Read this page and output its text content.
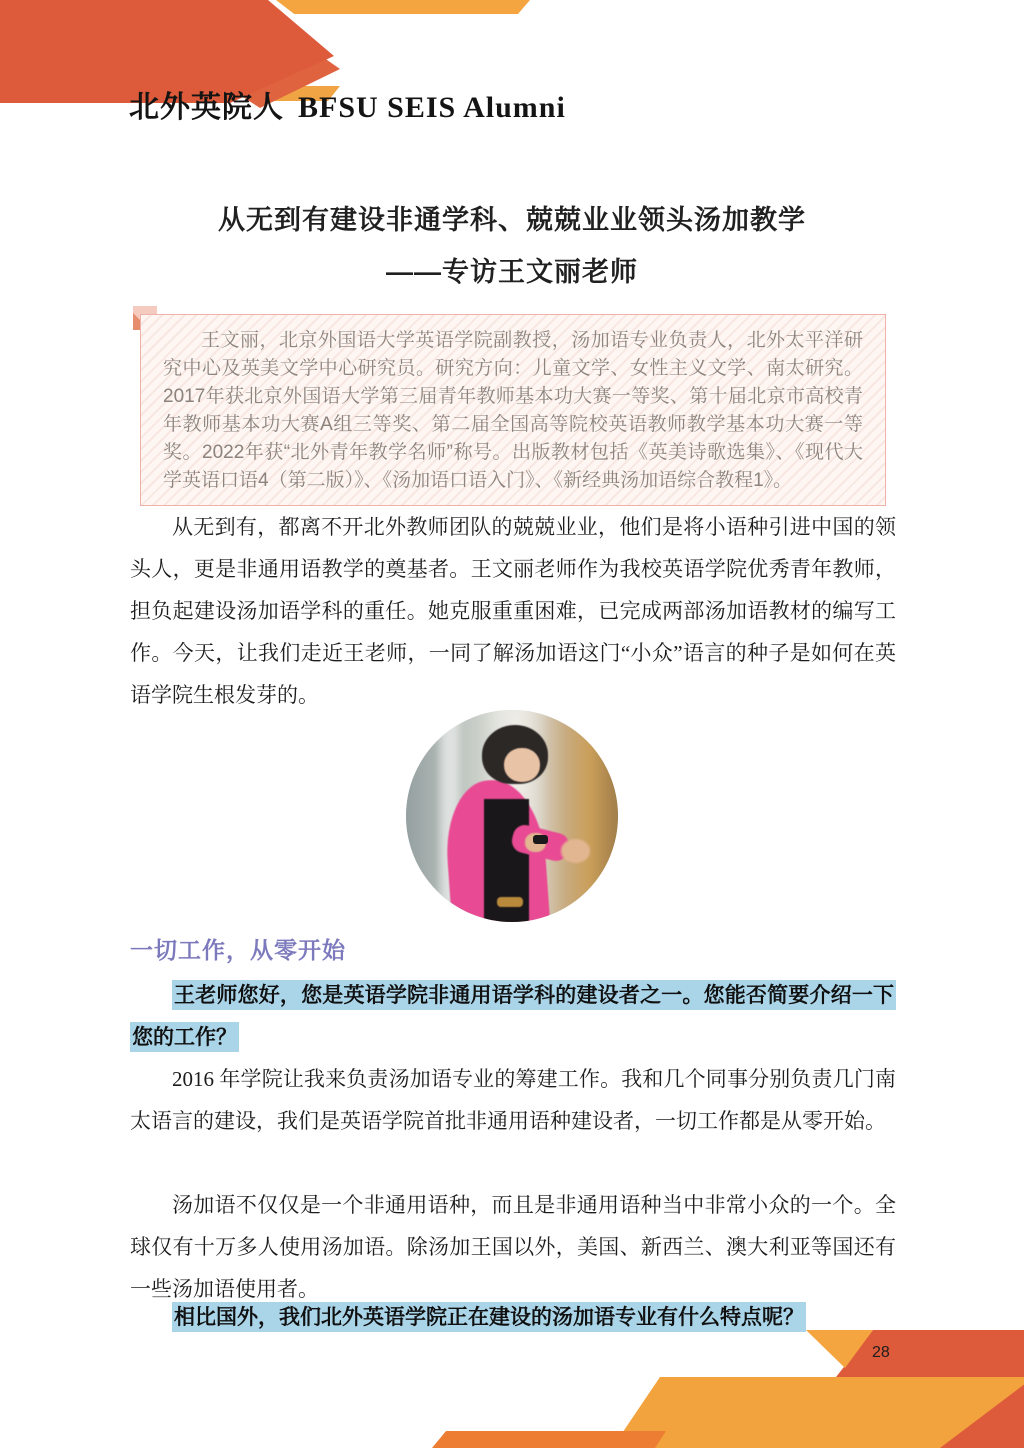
北外英院人 BFSU SEIS Alumni
从无到有建设非通学科、兢兢业业领头汤加教学
——专访王文丽老师

王文丽，北京外国语大学英语学院副教授，汤加语专业负责人，北外太平洋研究中心及英美文学中心研究员。研究方向：儿童文学、女性主义文学、南太研究。2017年获北京外国语大学第三届青年教师基本功大赛一等奖、第十届北京市高校青年教师基本功大赛A组三等奖、第二届全国高等院校英语教师教学基本功大赛一等奖。2022年获“北外青年教学名师”称号。出版教材包括《英美诗歌选集》、《现代大学英语口语4（第二版）》、《汤加语口语入门》、《新经典汤加语综合教程1》。

从无到有，都离不开北外教师团队的兢兢业业，他们是将小语种引进中国的领头人，更是非通用语教学的奠基者。王文丽老师作为我校英语学院优秀青年教师，担负起建设汤加语学科的重任。她克服重重困难，已完成两部汤加语教材的编写工作。今天，让我们走近王老师，一同了解汤加语这门“小众”语言的种子是如何在英语学院生根发芽的。

一切工作，从零开始

王老师您好，您是英语学院非通用语学科的建设者之一。您能否简要介绍一下您的工作？

2016 年学院让我来负责汤加语专业的筹建工作。我和几个同事分别负责几门南太语言的建设，我们是英语学院首批非通用语种建设者，一切工作都是从零开始。

汤加语不仅仅是一个非通用语种，而且是非通用语种当中非常小众的一个。全球仅有十万多人使用汤加语。除汤加王国以外，美国、新西兰、澳大利亚等国还有一些汤加语使用者。

相比国外，我们北外英语学院正在建设的汤加语专业有什么特点呢？

28
